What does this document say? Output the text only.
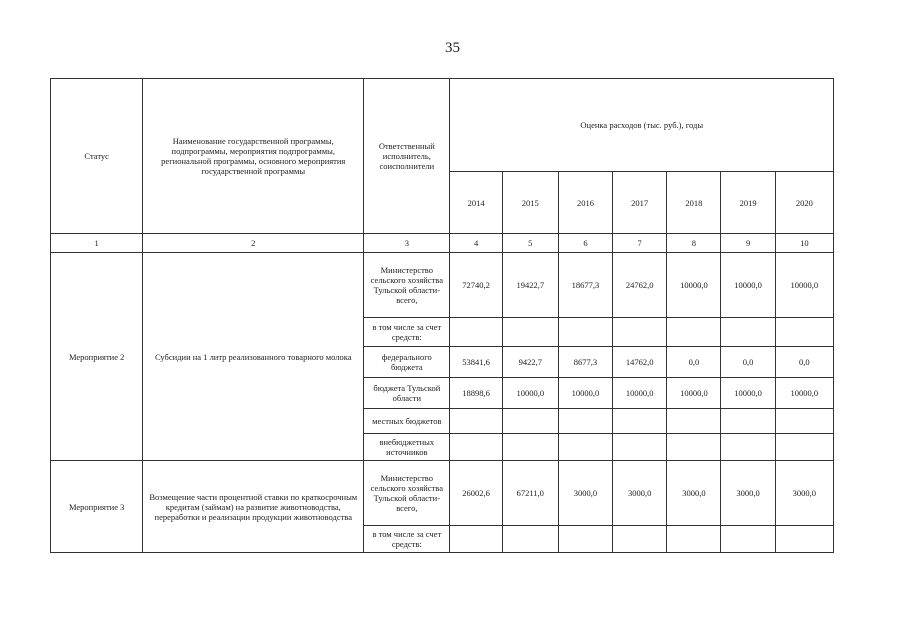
35
Статус	Наименование государственной программы, подпрограммы, мероприятия подпрограммы, региональной программы, основного мероприятия государственной программы	Ответственный исполнитель, соисполнители	Оценка расходов (тыс. руб.), годы						
			2014	2015	2016	2017	2018	2019	2020
1	2	3	4	5	6	7	8	9	10
Мероприятие 2	Субсидии на 1 литр реализованного товарного молока	Министерство сельского хозяйства Тульской области- всего,	72740,2	19422,7	18677,3	24762,0	10000,0	10000,0	10000,0
		в том числе за счет средств:							
		федерального бюджета	53841,6	9422,7	8677,3	14762,0	0,0	0,0	0,0
		бюджета Тульской области	18898,6	10000,0	10000,0	10000,0	10000,0	10000,0	10000,0
		местных бюджетов							
		внебюджетных источников							
Мероприятие 3	Возмещение части процентной ставки по краткосрочным кредитам (займам) на развитие животноводства, переработки и реализации продукции животноводства	Министерство сельского хозяйства Тульской области- всего,	26002,6	67211,0	3000,0	3000,0	3000,0	3000,0	3000,0
		в том числе за счет средств:							
